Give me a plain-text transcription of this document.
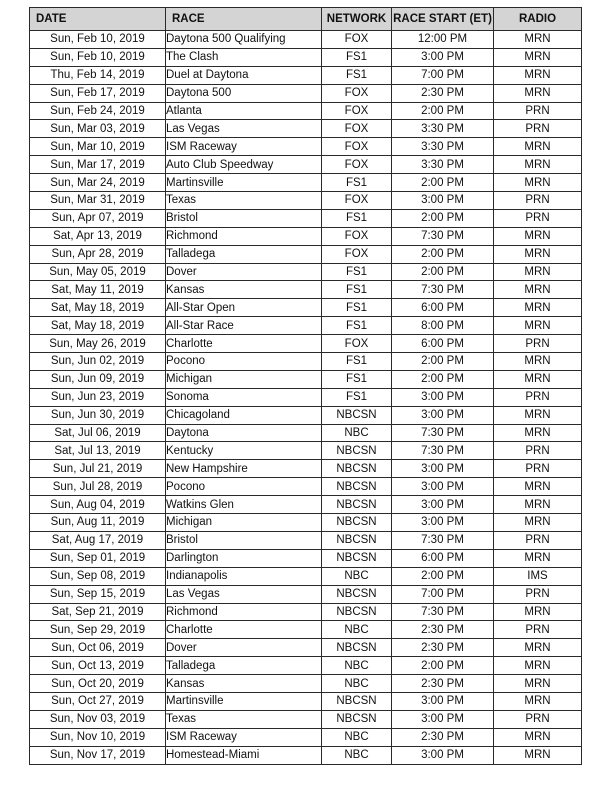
DATE	RACE	NETWORK	RACE START (ET)	RADIO
Sun, Feb 10, 2019	Daytona 500 Qualifying	FOX	12:00 PM	MRN
Sun, Feb 10, 2019	The Clash	FS1	3:00 PM	MRN
Thu, Feb 14, 2019	Duel at Daytona	FS1	7:00 PM	MRN
Sun, Feb 17, 2019	Daytona 500	FOX	2:30 PM	MRN
Sun, Feb 24, 2019	Atlanta	FOX	2:00 PM	PRN
Sun, Mar 03, 2019	Las Vegas	FOX	3:30 PM	PRN
Sun, Mar 10, 2019	ISM Raceway	FOX	3:30 PM	MRN
Sun, Mar 17, 2019	Auto Club Speedway	FOX	3:30 PM	MRN
Sun, Mar 24, 2019	Martinsville	FS1	2:00 PM	MRN
Sun, Mar 31, 2019	Texas	FOX	3:00 PM	PRN
Sun, Apr 07, 2019	Bristol	FS1	2:00 PM	PRN
Sat, Apr 13, 2019	Richmond	FOX	7:30 PM	MRN
Sun, Apr 28, 2019	Talladega	FOX	2:00 PM	MRN
Sun, May 05, 2019	Dover	FS1	2:00 PM	MRN
Sat, May 11, 2019	Kansas	FS1	7:30 PM	MRN
Sat, May 18, 2019	All-Star Open	FS1	6:00 PM	MRN
Sat, May 18, 2019	All-Star Race	FS1	8:00 PM	MRN
Sun, May 26, 2019	Charlotte	FOX	6:00 PM	PRN
Sun, Jun 02, 2019	Pocono	FS1	2:00 PM	MRN
Sun, Jun 09, 2019	Michigan	FS1	2:00 PM	MRN
Sun, Jun 23, 2019	Sonoma	FS1	3:00 PM	PRN
Sun, Jun 30, 2019	Chicagoland	NBCSN	3:00 PM	MRN
Sat, Jul 06, 2019	Daytona	NBC	7:30 PM	MRN
Sat, Jul 13, 2019	Kentucky	NBCSN	7:30 PM	PRN
Sun, Jul 21, 2019	New Hampshire	NBCSN	3:00 PM	PRN
Sun, Jul 28, 2019	Pocono	NBCSN	3:00 PM	MRN
Sun, Aug 04, 2019	Watkins Glen	NBCSN	3:00 PM	MRN
Sun, Aug 11, 2019	Michigan	NBCSN	3:00 PM	MRN
Sat, Aug 17, 2019	Bristol	NBCSN	7:30 PM	PRN
Sun, Sep 01, 2019	Darlington	NBCSN	6:00 PM	MRN
Sun, Sep 08, 2019	Indianapolis	NBC	2:00 PM	IMS
Sun, Sep 15, 2019	Las Vegas	NBCSN	7:00 PM	PRN
Sat, Sep 21, 2019	Richmond	NBCSN	7:30 PM	MRN
Sun, Sep 29, 2019	Charlotte	NBC	2:30 PM	PRN
Sun, Oct 06, 2019	Dover	NBCSN	2:30 PM	MRN
Sun, Oct 13, 2019	Talladega	NBC	2:00 PM	MRN
Sun, Oct 20, 2019	Kansas	NBC	2:30 PM	MRN
Sun, Oct 27, 2019	Martinsville	NBCSN	3:00 PM	MRN
Sun, Nov 03, 2019	Texas	NBCSN	3:00 PM	PRN
Sun, Nov 10, 2019	ISM Raceway	NBC	2:30 PM	MRN
Sun, Nov 17, 2019	Homestead-Miami	NBC	3:00 PM	MRN
